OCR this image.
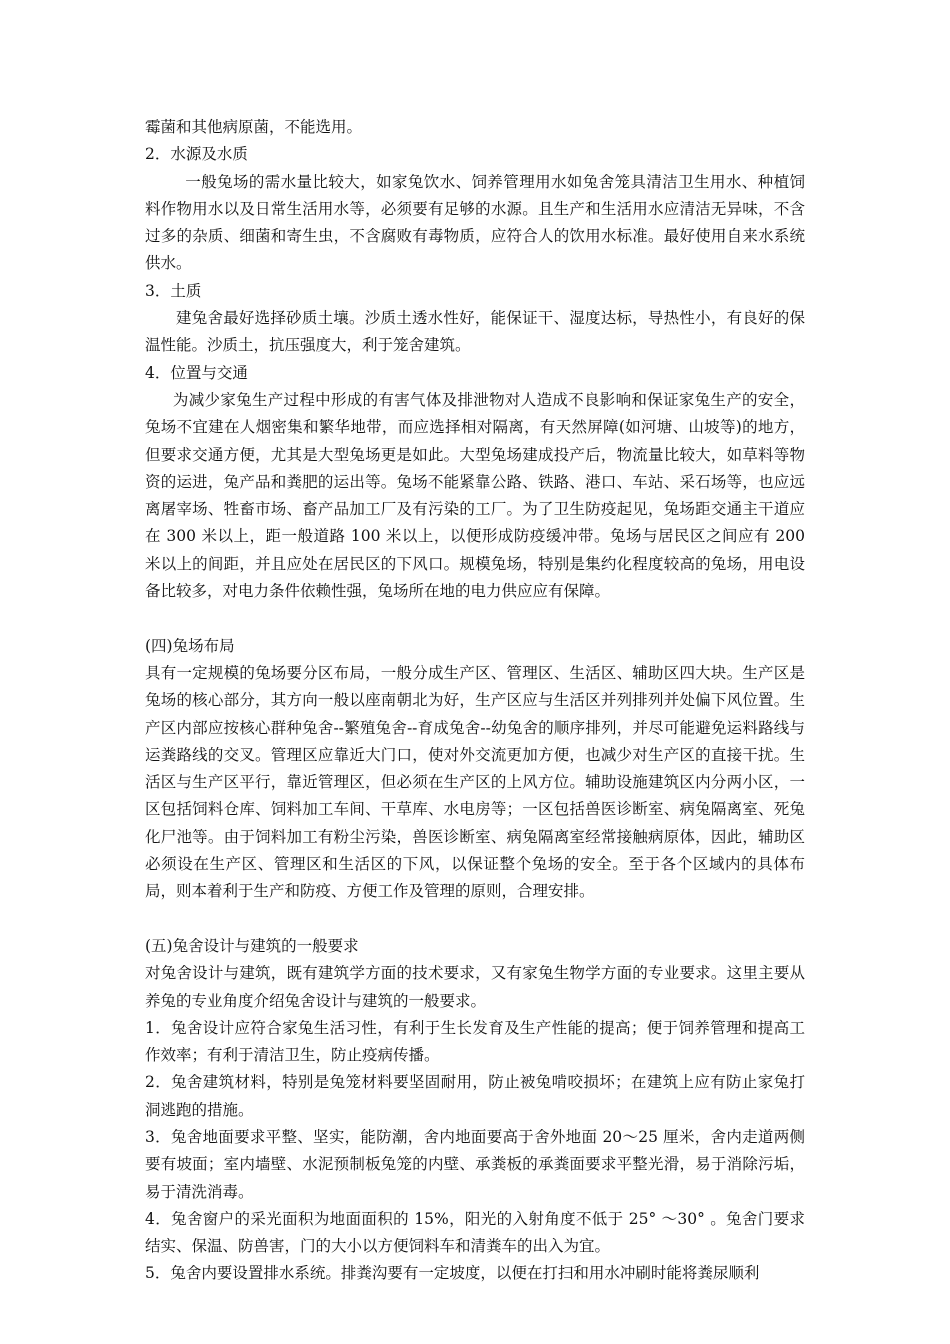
霉菌和其他病原菌，不能选用。

2．水源及水质

一般兔场的需水量比较大，如家兔饮水、饲养管理用水如兔舍笼具清洁卫生用水、种植饲料作物用水以及日常生活用水等，必须要有足够的水源。且生产和生活用水应清洁无异味，不含过多的杂质、细菌和寄生虫，不含腐败有毒物质，应符合人的饮用水标准。最好使用自来水系统供水。

3．土质

建兔舍最好选择砂质土壤。沙质土透水性好，能保证干、湿度达标，导热性小，有良好的保温性能。沙质土，抗压强度大，利于笼舍建筑。

4．位置与交通

为减少家兔生产过程中形成的有害气体及排泄物对人造成不良影响和保证家兔生产的安全，兔场不宜建在人烟密集和繁华地带，而应选择相对隔离，有天然屏障(如河塘、山坡等)的地方，但要求交通方便，尤其是大型兔场更是如此。大型兔场建成投产后，物流量比较大，如草料等物资的运进，兔产品和粪肥的运出等。兔场不能紧靠公路、铁路、港口、车站、采石场等，也应远离屠宰场、牲畜市场、畜产品加工厂及有污染的工厂。为了卫生防疫起见，兔场距交通主干道应在 300 米以上，距一般道路 100 米以上，以便形成防疫缓冲带。兔场与居民区之间应有 200 米以上的间距，并且应处在居民区的下风口。规模兔场，特别是集约化程度较高的兔场，用电设备比较多，对电力条件依赖性强，兔场所在地的电力供应应有保障。

(四)兔场布局

具有一定规模的兔场要分区布局，一般分成生产区、管理区、生活区、辅助区四大块。生产区是兔场的核心部分，其方向一般以座南朝北为好，生产区应与生活区并列排列并处偏下风位置。生产区内部应按核心群种兔舍--繁殖兔舍--育成兔舍--幼兔舍的顺序排列，并尽可能避免运料路线与运粪路线的交叉。管理区应靠近大门口，使对外交流更加方便，也减少对生产区的直接干扰。生活区与生产区平行，靠近管理区，但必须在生产区的上风方位。辅助设施建筑区内分两小区，一区包括饲料仓库、饲料加工车间、干草库、水电房等；一区包括兽医诊断室、病兔隔离室、死兔化尸池等。由于饲料加工有粉尘污染，兽医诊断室、病兔隔离室经常接触病原体，因此，辅助区必须设在生产区、管理区和生活区的下风，以保证整个兔场的安全。至于各个区域内的具体布局，则本着利于生产和防疫、方便工作及管理的原则，合理安排。

(五)兔舍设计与建筑的一般要求

对兔舍设计与建筑，既有建筑学方面的技术要求，又有家兔生物学方面的专业要求。这里主要从养兔的专业角度介绍兔舍设计与建筑的一般要求。

1．兔舍设计应符合家兔生活习性，有利于生长发育及生产性能的提高；便于饲养管理和提高工作效率；有利于清洁卫生，防止疫病传播。

2．兔舍建筑材料，特别是兔笼材料要坚固耐用，防止被兔啃咬损坏；在建筑上应有防止家兔打洞逃跑的措施。

3．兔舍地面要求平整、坚实，能防潮，舍内地面要高于舍外地面 20～25 厘米，舍内走道两侧要有坡面；室内墙壁、水泥预制板兔笼的内壁、承粪板的承粪面要求平整光滑，易于消除污垢，易于清洗消毒。

4．兔舍窗户的采光面积为地面面积的 15%，阳光的入射角度不低于 25° ～30° 。兔舍门要求结实、保温、防兽害，门的大小以方便饲料车和清粪车的出入为宜。

5．兔舍内要设置排水系统。排粪沟要有一定坡度，以便在打扫和用水冲刷时能将粪尿顺利
